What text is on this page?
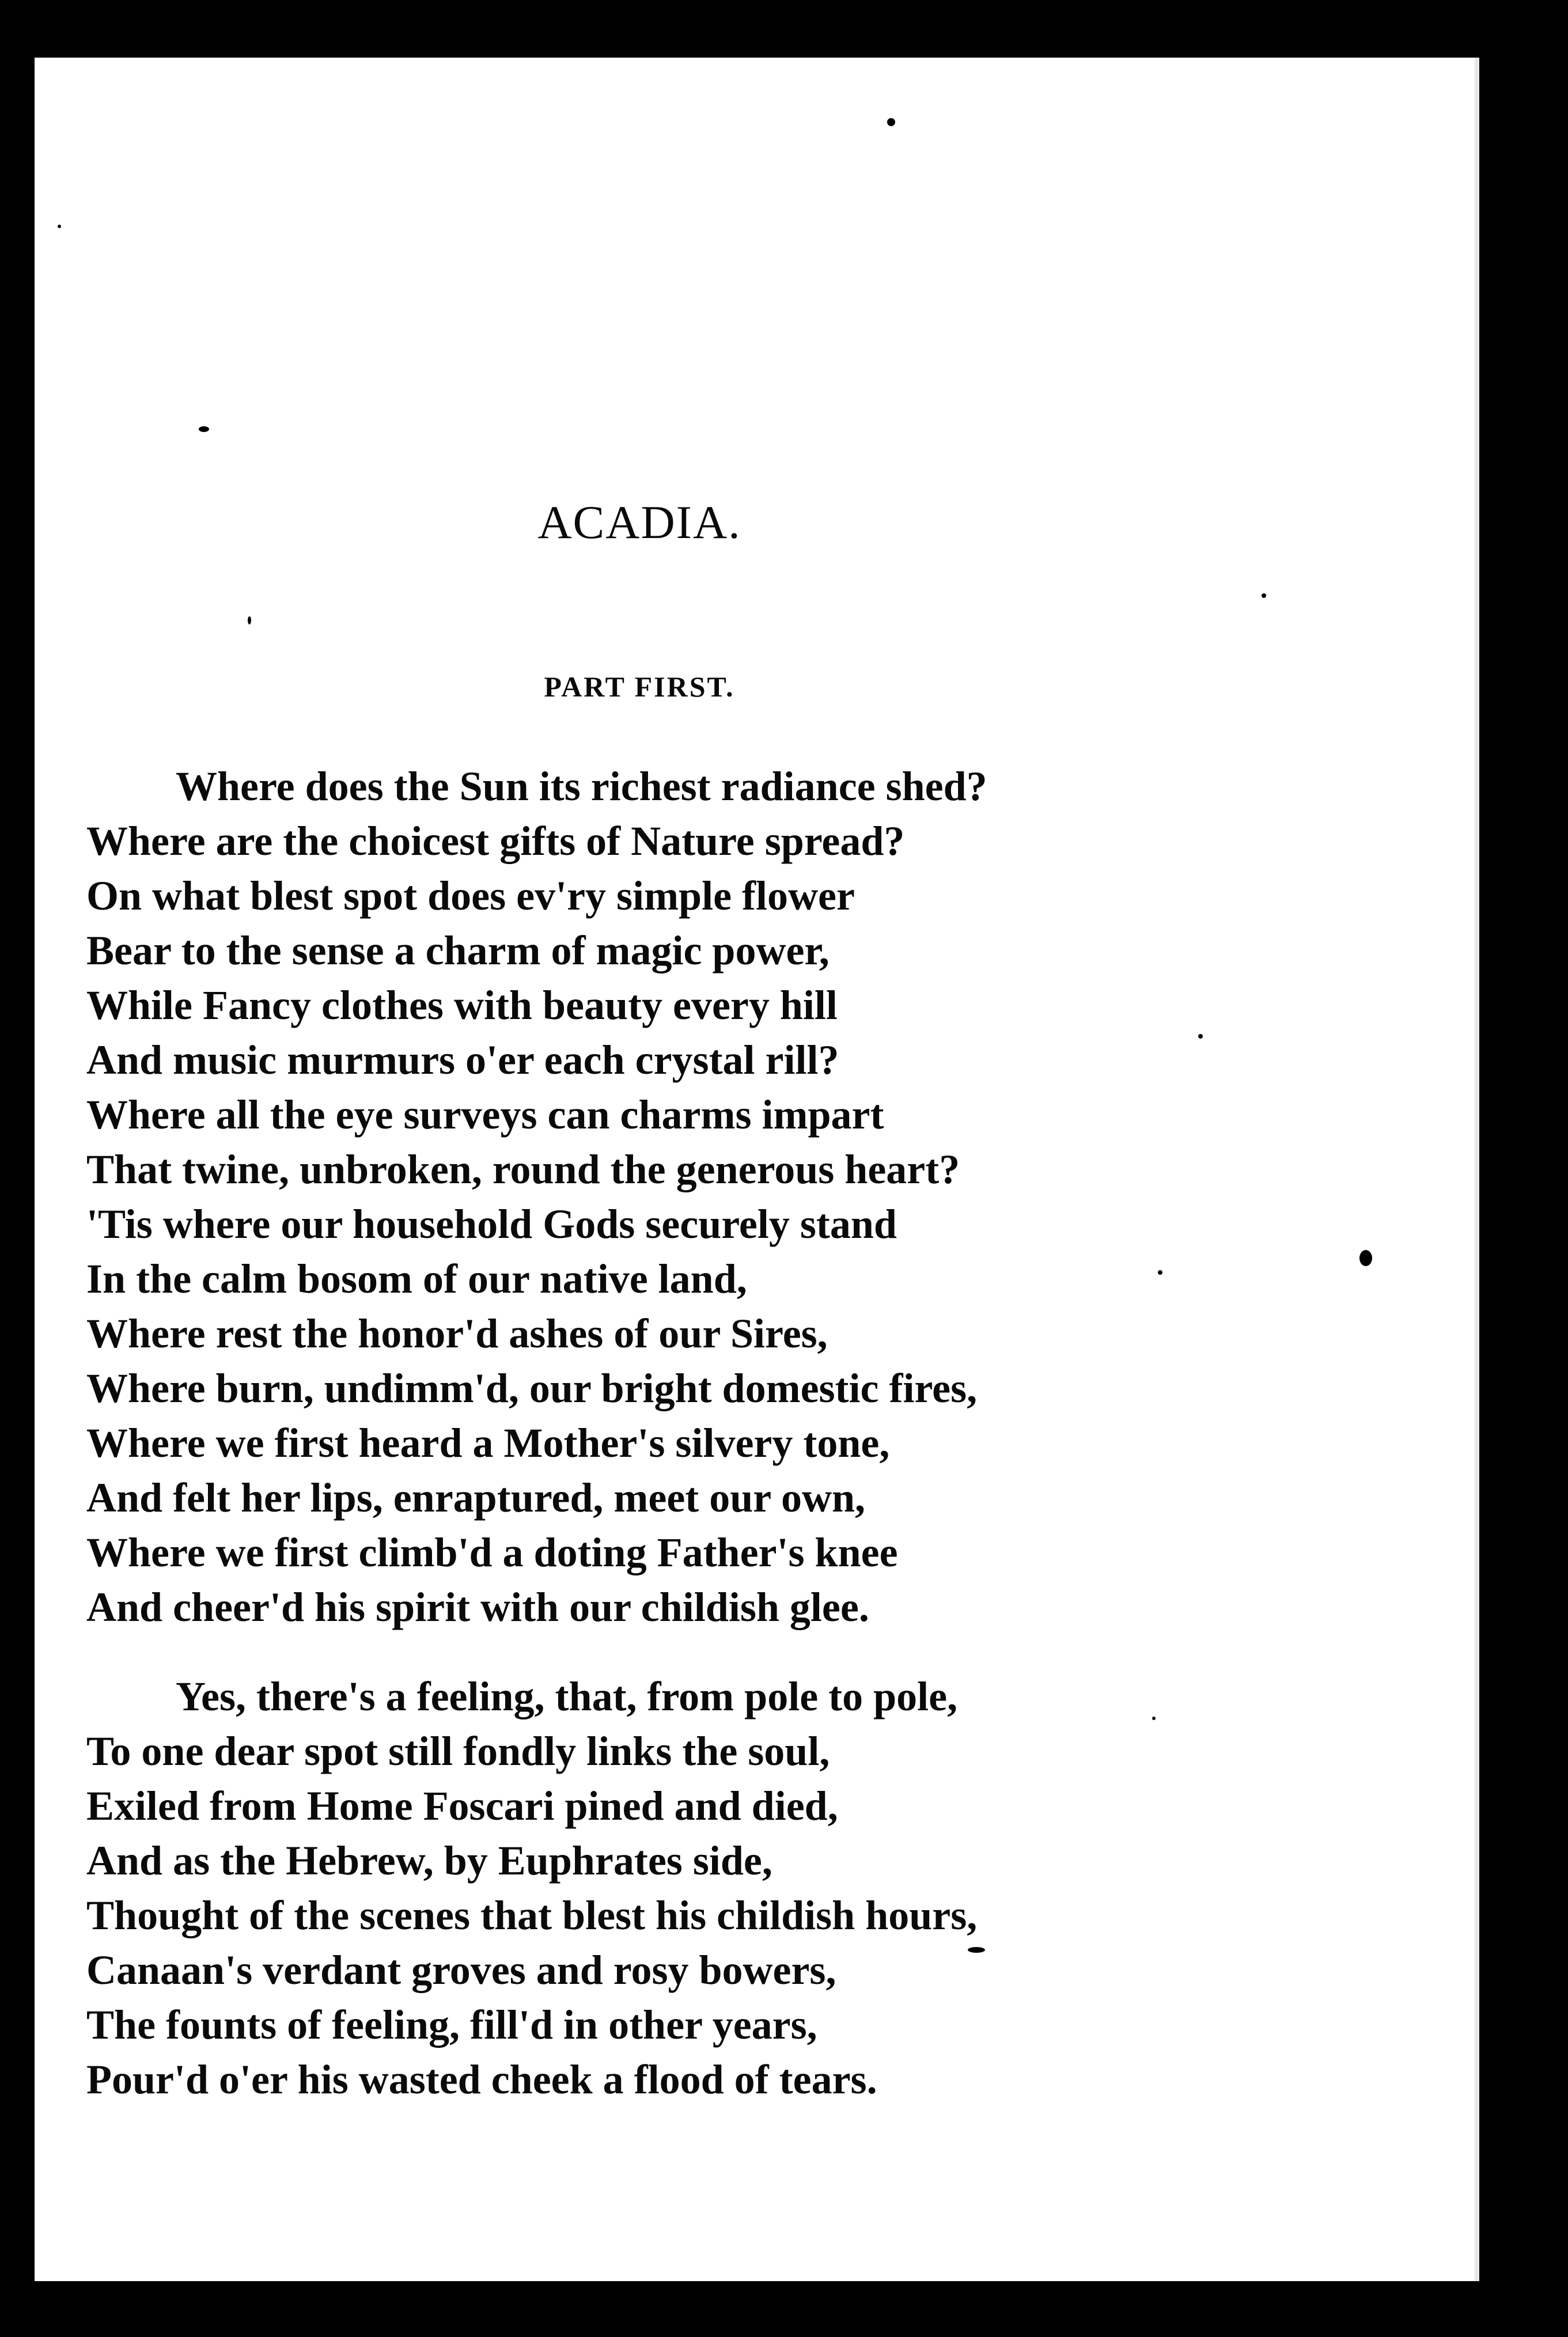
ACADIA.
PART FIRST.
Where does the Sun its richest radiance shed?
Where are the choicest gifts of Nature spread?
On what blest spot does ev'ry simple flower
Bear to the sense a charm of magic power,
While Fancy clothes with beauty every hill
And music murmurs o'er each crystal rill?
Where all the eye surveys can charms impart
That twine, unbroken, round the generous heart?
'Tis where our household Gods securely stand
In the calm bosom of our native land,
Where rest the honor'd ashes of our Sires,
Where burn, undimm'd, our bright domestic fires,
Where we first heard a Mother's silvery tone,
And felt her lips, enraptured, meet our own,
Where we first climb'd a doting Father's knee
And cheer'd his spirit with our childish glee.
Yes, there's a feeling, that, from pole to pole,
To one dear spot still fondly links the soul,
Exiled from Home Foscari pined and died,
And as the Hebrew, by Euphrates side,
Thought of the scenes that blest his childish hours,
Canaan's verdant groves and rosy bowers,
The founts of feeling, fill'd in other years,
Pour'd o'er his wasted cheek a flood of tears.
